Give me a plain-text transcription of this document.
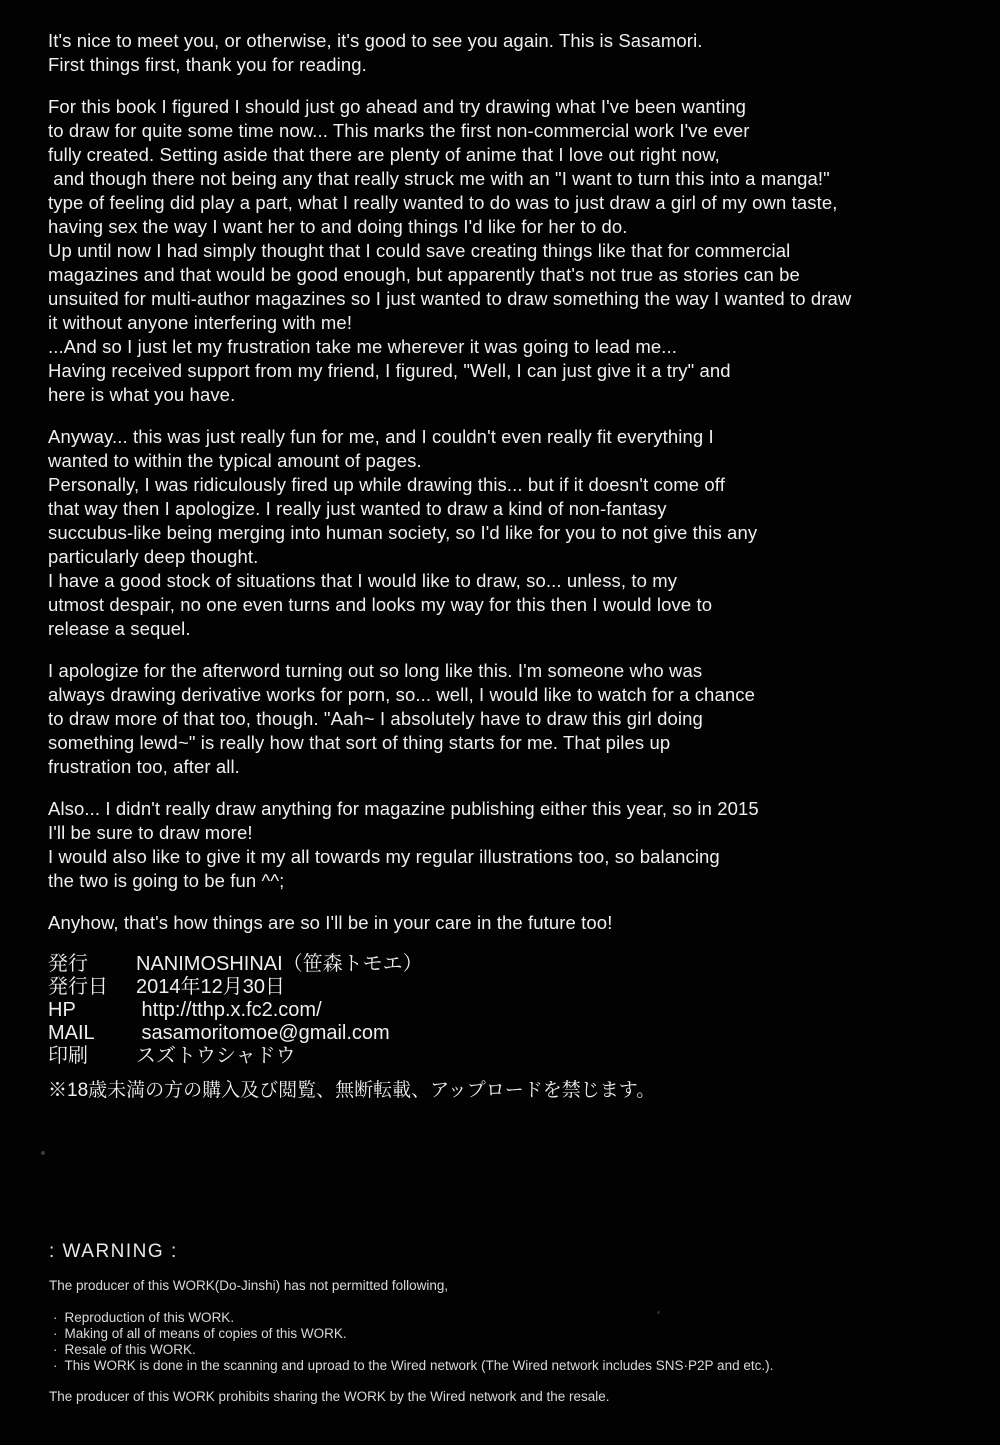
It's nice to meet you, or otherwise, it's good to see you again. This is Sasamori.
First things first, thank you for reading.
For this book I figured I should just go ahead and try drawing what I've been wanting
to draw for quite some time now... This marks the first non-commercial work I've ever
fully created. Setting aside that there are plenty of anime that I love out right now,
and though there not being any that really struck me with an "I want to turn this into a manga!"
type of feeling did play a part, what I really wanted to do was to just draw a girl of my own taste,
having sex the way I want her to and doing things I'd like for her to do.
Up until now I had simply thought that I could save creating things like that for commercial
magazines and that would be good enough, but apparently that's not true as stories can be
unsuited for multi-author magazines so I just wanted to draw something the way I wanted to draw
it without anyone interfering with me!
...And so I just let my frustration take me wherever it was going to lead me...
Having received support from my friend, I figured, "Well, I can just give it a try" and
here is what you have.
Anyway... this was just really fun for me, and I couldn't even really fit everything I
wanted to within the typical amount of pages.
Personally, I was ridiculously fired up while drawing this... but if it doesn't come off
that way then I apologize. I really just wanted to draw a kind of non-fantasy
succubus-like being merging into human society, so I'd like for you to not give this any
particularly deep thought.
I have a good stock of situations that I would like to draw, so... unless, to my
utmost despair, no one even turns and looks my way for this then I would love to
release a sequel.
I apologize for the afterword turning out so long like this. I'm someone who was
always drawing derivative works for porn, so... well, I would like to watch for a chance
to draw more of that too, though. "Aah~ I absolutely have to draw this girl doing
something lewd~" is really how that sort of thing starts for me. That piles up
frustration too, after all.
Also... I didn't really draw anything for magazine publishing either this year, so in 2015
I'll be sure to draw more!
I would also like to give it my all towards my regular illustrations too, so balancing
the two is going to be fun ^^;
Anyhow, that's how things are so I'll be in your care in the future too!
発行 NANIMOSHINAI（笹森トモエ）
発行日 2014年12月30日
HP	http://tthp.x.fc2.com/
MAIL sasamoritomoe@gmail.com
印刷 スズトウシャドウ
※18歳未満の方の購入及び閲覧、無断転載、アップロードを禁じます。
: WARNING :

The producer of this WORK(Do-Jinshi) has not permitted following,

· Reproduction of this WORK.
· Making of all of means of copies of this WORK.
· Resale of this WORK.
· This WORK is done in the scanning and uproad to the Wired network (The Wired network includes SNS·P2P and etc.).

The producer of this WORK prohibits sharing the WORK by the Wired network and the resale.
